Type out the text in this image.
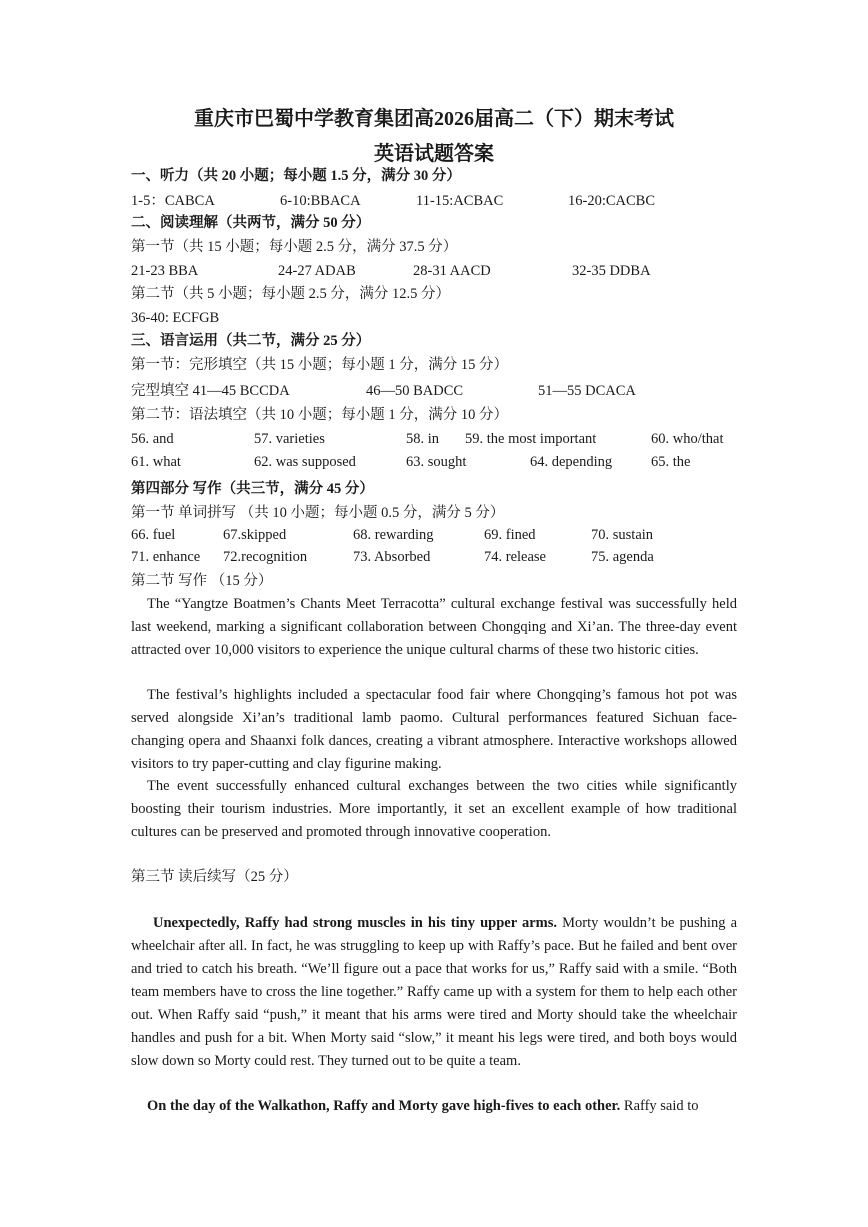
重庆市巴蜀中学教育集团高2026届高二（下）期末考试
英语试题答案

一、听力（共 20 小题；每小题 1.5 分，满分 30 分）

1-5：CABCA	6-10:BBACA	11-15:ACBAC	16-20:CACBC

二、阅读理解（共两节，满分 50 分）

第一节（共 15 小题；每小题 2.5 分，满分 37.5 分）

21-23 BBA	24-27 ADAB	28-31 AACD	32-35 DDBA

第二节（共 5 小题；每小题 2.5 分，满分 12.5 分）

36-40: ECFGB

三、语言运用（共二节，满分 25 分）

第一节：完形填空（共 15 小题；每小题 1 分，满分 15 分）

完型填空 41—45 BCCDA	46—50 BADCC	51—55 DCACA

第二节：语法填空（共 10 小题；每小题 1 分，满分 10 分）

56. and	57. varieties	58. in 59. the most important	60. who/that
61. what	62. was supposed	63. sought	64. depending	65. the

第四部分 写作（共三节，满分 45 分）

第一节 单词拼写 （共 10 小题；每小题 0.5 分，满分 5 分）

66. fuel	67.skipped	68. rewarding	69. fined	70. sustain
71. enhance 72.recognition	73. Absorbed	74. release	75. agenda

第二节 写作 （15 分）

The “Yangtze Boatmen’s Chants Meet Terracotta” cultural exchange festival was successfully held last weekend, marking a significant collaboration between Chongqing and Xi’an. The three-day event attracted over 10,000 visitors to experience the unique cultural charms of these two historic cities.

The festival’s highlights included a spectacular food fair where Chongqing’s famous hot pot was served alongside Xi’an’s traditional lamb paomo. Cultural performances featured Sichuan face-changing opera and Shaanxi folk dances, creating a vibrant atmosphere. Interactive workshops allowed visitors to try paper-cutting and clay figurine making.

The event successfully enhanced cultural exchanges between the two cities while significantly boosting their tourism industries. More importantly, it set an excellent example of how traditional cultures can be preserved and promoted through innovative cooperation.

第三节 读后续写（25 分）

Unexpectedly, Raffy had strong muscles in his tiny upper arms. Morty wouldn’t be pushing a wheelchair after all. In fact, he was struggling to keep up with Raffy’s pace. But he failed and bent over and tried to catch his breath. “We’ll figure out a pace that works for us,” Raffy said with a smile. “Both team members have to cross the line together.” Raffy came up with a system for them to help each other out. When Raffy said “push,” it meant that his arms were tired and Morty should take the wheelchair handles and push for a bit. When Morty said “slow,” it meant his legs were tired, and both boys would slow down so Morty could rest. They turned out to be quite a team.

On the day of the Walkathon, Raffy and Morty gave high-fives to each other. Raffy said to
